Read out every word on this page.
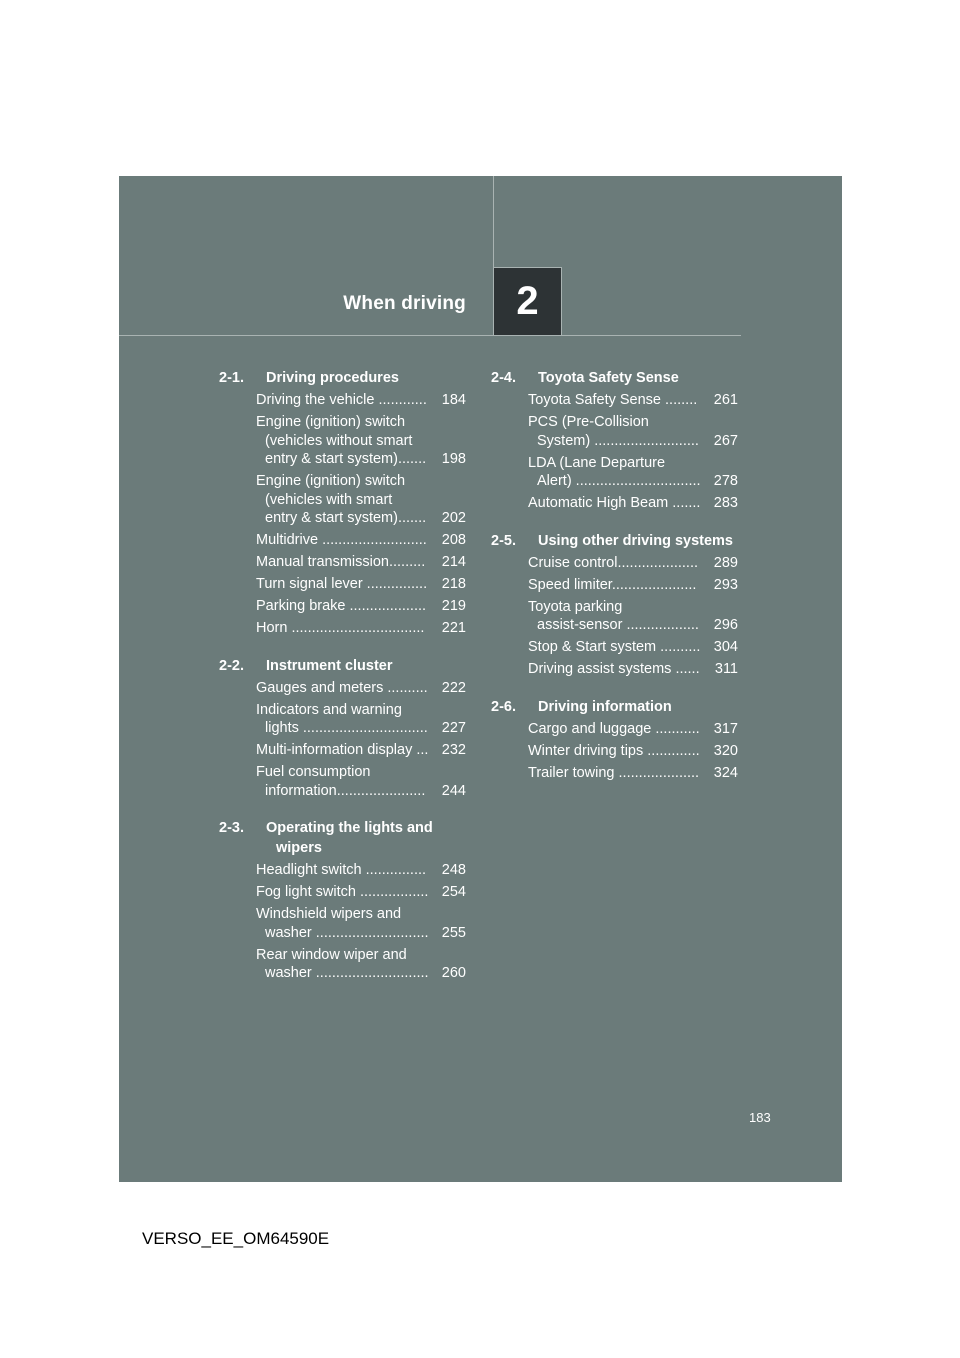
When driving	2
2-1.	Driving procedures
Driving the vehicle ............	184
Engine (ignition) switch
(vehicles without smart
entry & start system).......	198
Engine (ignition) switch
(vehicles with smart
entry & start system).......	202
Multidrive ..........................	208
Manual transmission.........	214
Turn signal lever ...............	218
Parking brake ...................	219
Horn .................................	221
2-2.	Instrument cluster
Gauges and meters .......... 222
Indicators and warning
lights ............................... 227
Multi-information display ... 232
Fuel consumption
information......................	244
2-3.	Operating the lights and
wipers
Headlight switch ...............	248
Fog light switch ................. 254
Windshield wipers and
washer ............................ 255
Rear window wiper and
washer ............................ 260
2-4.	Toyota Safety Sense
Toyota Safety Sense ........	261
PCS (Pre-Collision
System) ..........................	267
LDA (Lane Departure
Alert) ............................... 278
Automatic High Beam ....... 283
2-5.	Using other driving systems
Cruise control....................	289
Speed limiter.....................	293
Toyota parking
assist-sensor ..................	296
Stop & Start system .......... 304
Driving assist systems ......	311
2-6.	Driving information
Cargo and luggage ........... 317
Winter driving tips ............. 320
Trailer towing ....................	324
183
VERSO_EE_OM64590E
